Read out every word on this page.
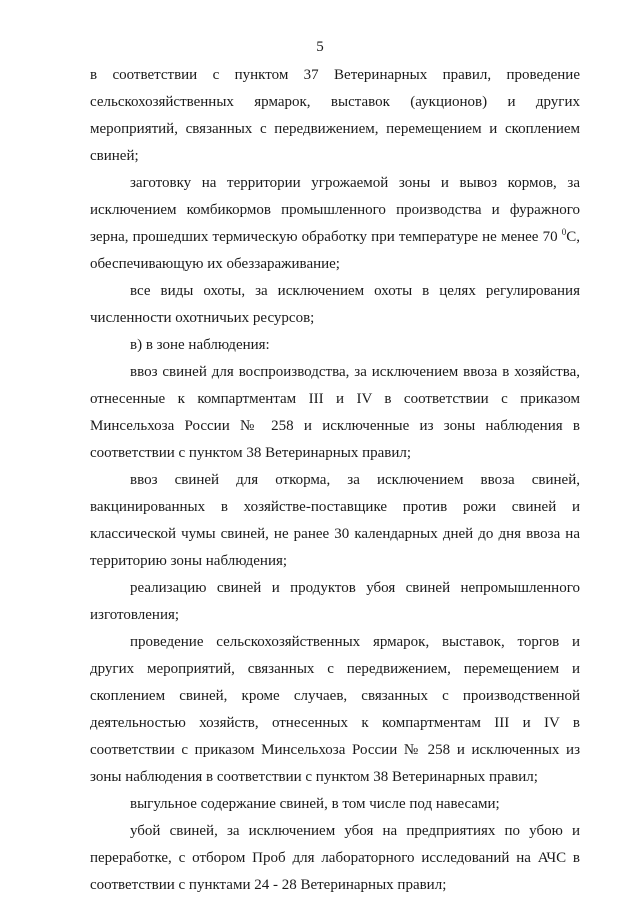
5

в соответствии с пунктом 37 Ветеринарных правил, проведение сельскохозяйственных ярмарок, выставок (аукционов) и других мероприятий, связанных с передвижением, перемещением и скоплением свиней;

заготовку на территории угрожаемой зоны и вывоз кормов, за исключением комбикормов промышленного производства и фуражного зерна, прошедших термическую обработку при температуре не менее 70 $^0$С, обеспечивающую их обеззараживание;

все виды охоты, за исключением охоты в целях регулирования численности охотничьих ресурсов;

в) в зоне наблюдения:

ввоз свиней для воспроизводства, за исключением ввоза в хозяйства, отнесенные к компартментам III и IV в соответствии с приказом Минсельхоза России № 258 и исключенные из зоны наблюдения в соответствии с пунктом 38 Ветеринарных правил;

ввоз свиней для откорма, за исключением ввоза свиней, вакцинированных в хозяйстве-поставщике против рожи свиней и классической чумы свиней, не ранее 30 календарных дней до дня ввоза на территорию зоны наблюдения;

реализацию свиней и продуктов убоя свиней непромышленного изготовления;

проведение сельскохозяйственных ярмарок, выставок, торгов и других мероприятий, связанных с передвижением, перемещением и скоплением свиней, кроме случаев, связанных с производственной деятельностью хозяйств, отнесенных к компартментам III и IV в соответствии с приказом Минсельхоза России № 258 и исключенных из зоны наблюдения в соответствии с пунктом 38 Ветеринарных правил;

выгульное содержание свиней, в том числе под навесами;

убой свиней, за исключением убоя на предприятиях по убою и переработке, с отбором Проб для лабораторного исследований на АЧС в соответствии с пунктами 24 - 28 Ветеринарных правил;
